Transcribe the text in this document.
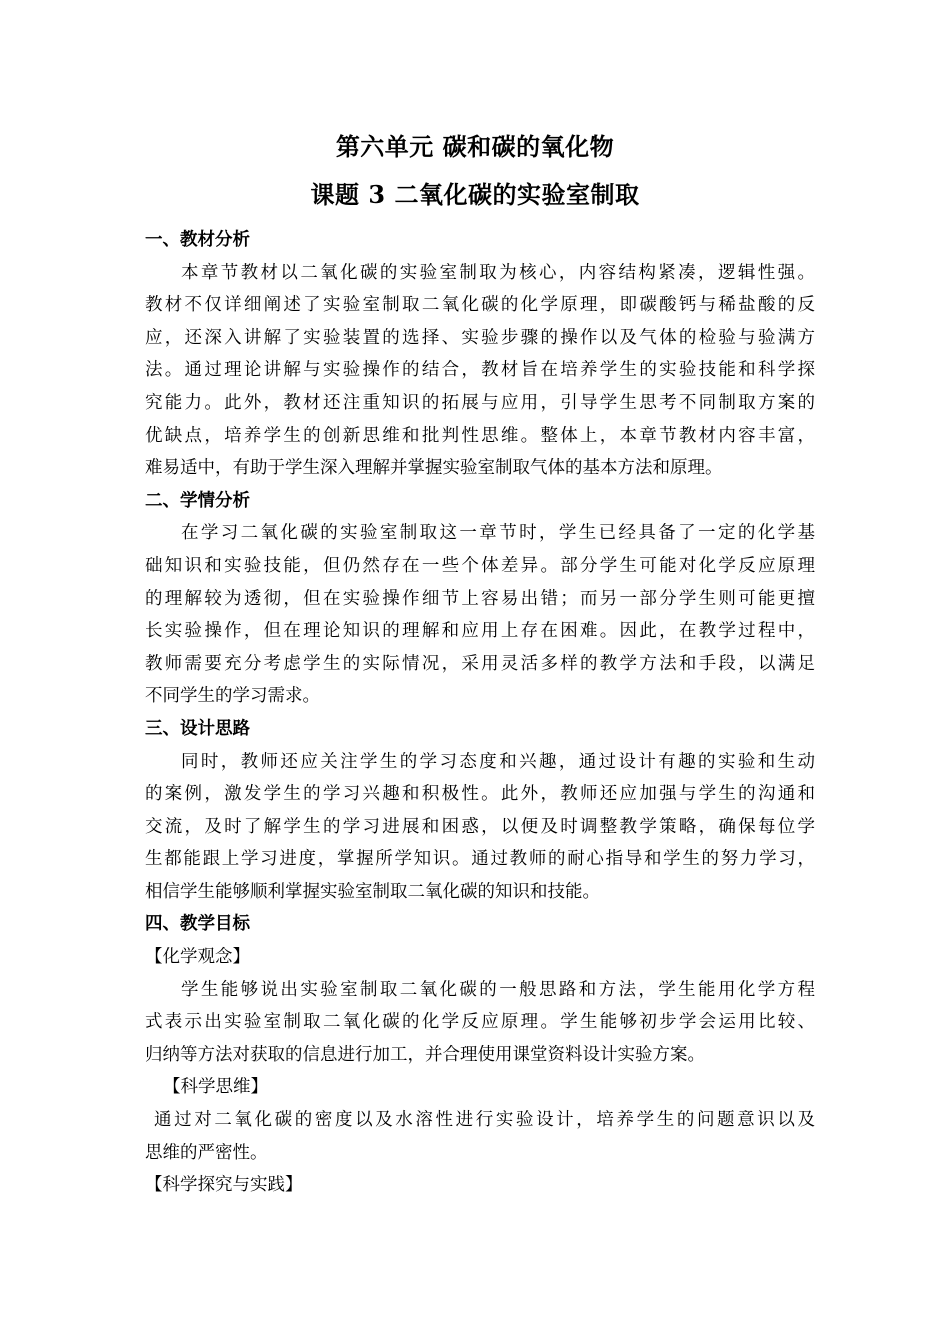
第六单元 碳和碳的氧化物
课题 3 二氧化碳的实验室制取
一、教材分析
本章节教材以二氧化碳的实验室制取为核心，内容结构紧凑，逻辑性强。
教材不仅详细阐述了实验室制取二氧化碳的化学原理，即碳酸钙与稀盐酸的反
应，还深入讲解了实验装置的选择、实验步骤的操作以及气体的检验与验满方
法。通过理论讲解与实验操作的结合，教材旨在培养学生的实验技能和科学探
究能力。此外，教材还注重知识的拓展与应用，引导学生思考不同制取方案的
优缺点，培养学生的创新思维和批判性思维。整体上，本章节教材内容丰富，
难易适中，有助于学生深入理解并掌握实验室制取气体的基本方法和原理。
二、学情分析
在学习二氧化碳的实验室制取这一章节时，学生已经具备了一定的化学基
础知识和实验技能，但仍然存在一些个体差异。部分学生可能对化学反应原理
的理解较为透彻，但在实验操作细节上容易出错；而另一部分学生则可能更擅
长实验操作，但在理论知识的理解和应用上存在困难。因此，在教学过程中，
教师需要充分考虑学生的实际情况，采用灵活多样的教学方法和手段，以满足
不同学生的学习需求。
三、设计思路
同时，教师还应关注学生的学习态度和兴趣，通过设计有趣的实验和生动
的案例，激发学生的学习兴趣和积极性。此外，教师还应加强与学生的沟通和
交流，及时了解学生的学习进展和困惑，以便及时调整教学策略，确保每位学
生都能跟上学习进度，掌握所学知识。通过教师的耐心指导和学生的努力学习，
相信学生能够顺利掌握实验室制取二氧化碳的知识和技能。
四、教学目标
【化学观念】
学生能够说出实验室制取二氧化碳的一般思路和方法，学生能用化学方程
式表示出实验室制取二氧化碳的化学反应原理。学生能够初步学会运用比较、
归纳等方法对获取的信息进行加工，并合理使用课堂资料设计实验方案。
【科学思维】
通过对二氧化碳的密度以及水溶性进行实验设计，培养学生的问题意识以及
思维的严密性。
【科学探究与实践】
